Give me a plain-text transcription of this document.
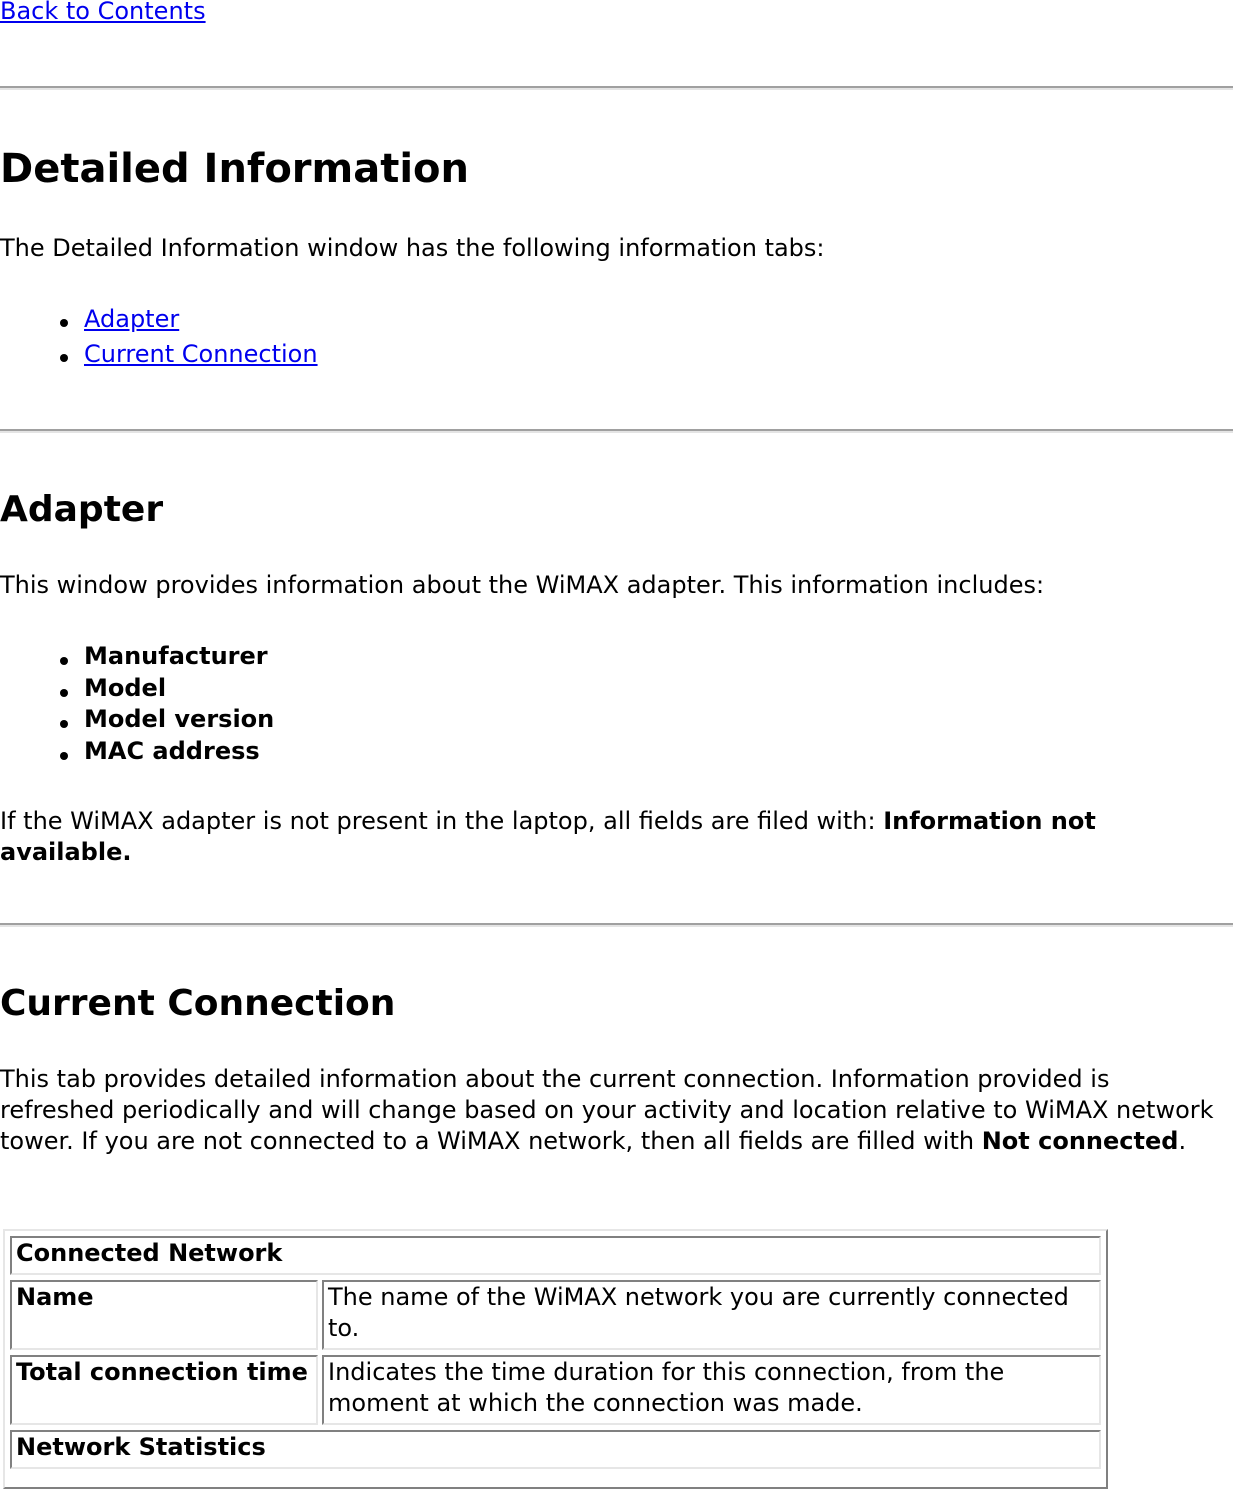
Back to Contents
Detailed Information

The Detailed Information window has the following information tabs:

Adapter
Current Connection
Adapter

This window provides information about the WiMAX adapter. This information includes:

Manufacturer
Model
Model version
MAC address

If the WiMAX adapter is not present in the laptop, all fields are filed with: Information not available.

Current Connection

This tab provides detailed information about the current connection. Information provided is refreshed periodically and will change based on your activity and location relative to WiMAX network tower. If you are not connected to a WiMAX network, then all fields are filled with Not connected.

Connected Network
Name	The name of the WiMAX network you are currently connected to.
Total connection time Indicates the time duration for this connection, from the moment at which the connection was made.
Network Statistics
